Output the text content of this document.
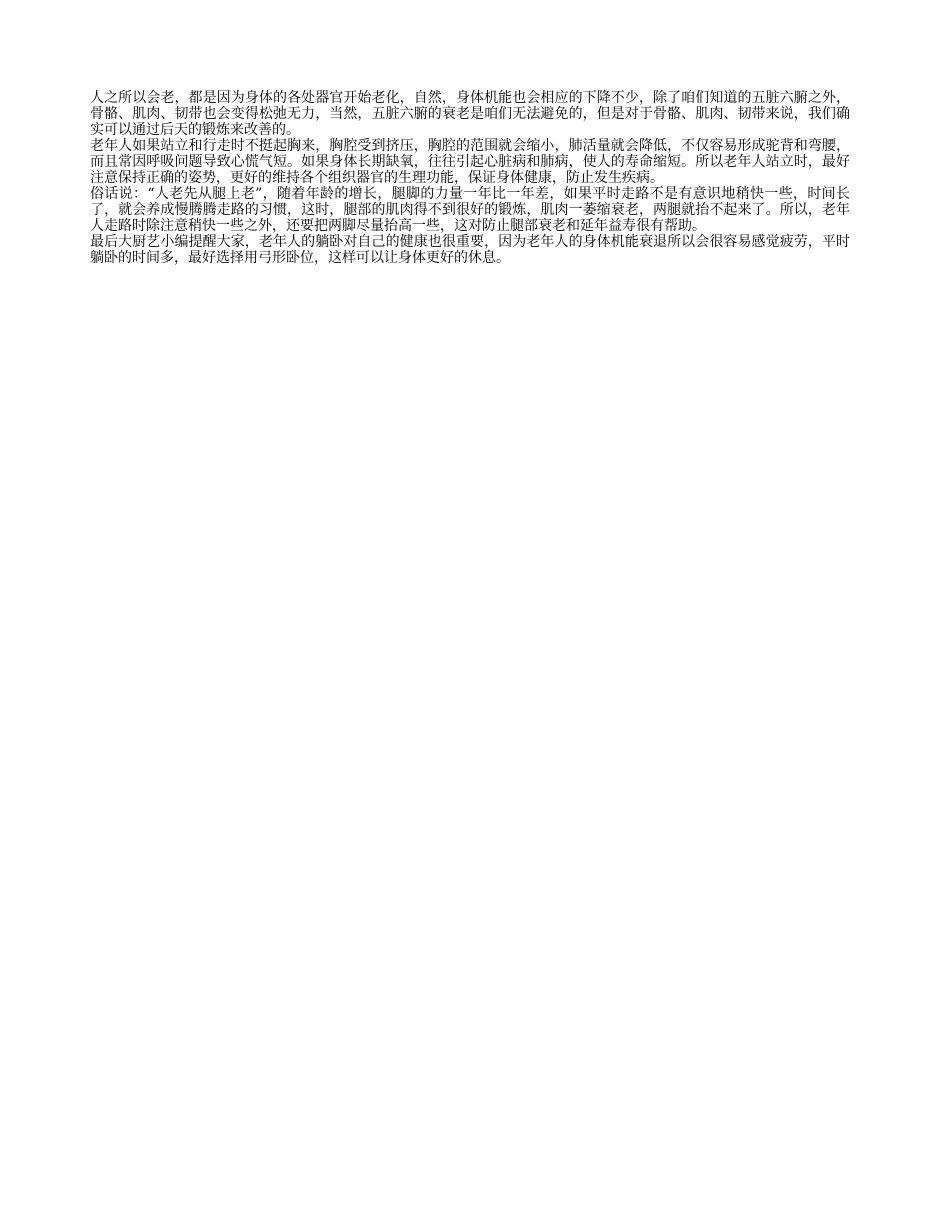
人之所以会老，都是因为身体的各处器官开始老化，自然，身体机能也会相应的下降不少，除了咱们知道的五脏六腑之外，骨骼、肌肉、韧带也会变得松弛无力，当然，五脏六腑的衰老是咱们无法避免的，但是对于骨骼、肌肉、韧带来说，我们确实可以通过后天的锻炼来改善的。

老年人如果站立和行走时不挺起胸来，胸腔受到挤压，胸腔的范围就会缩小，肺活量就会降低，不仅容易形成驼背和弯腰，而且常因呼吸问题导致心慌气短。如果身体长期缺氧，往往引起心脏病和肺病，使人的寿命缩短。所以老年人站立时，最好注意保持正确的姿势，更好的维持各个组织器官的生理功能，保证身体健康，防止发生疾病。

俗话说：“人老先从腿上老”，随着年龄的增长，腿脚的力量一年比一年差，如果平时走路不是有意识地稍快一些，时间长了，就会养成慢腾腾走路的习惯，这时，腿部的肌肉得不到很好的锻炼，肌肉一萎缩衰老，两腿就抬不起来了。所以，老年人走路时除注意稍快一些之外，还要把两脚尽量抬高一些，这对防止腿部衰老和延年益寿很有帮助。

最后大厨艺小编提醒大家，老年人的躺卧对自己的健康也很重要，因为老年人的身体机能衰退所以会很容易感觉疲劳，平时躺卧的时间多，最好选择用弓形卧位，这样可以让身体更好的休息。
